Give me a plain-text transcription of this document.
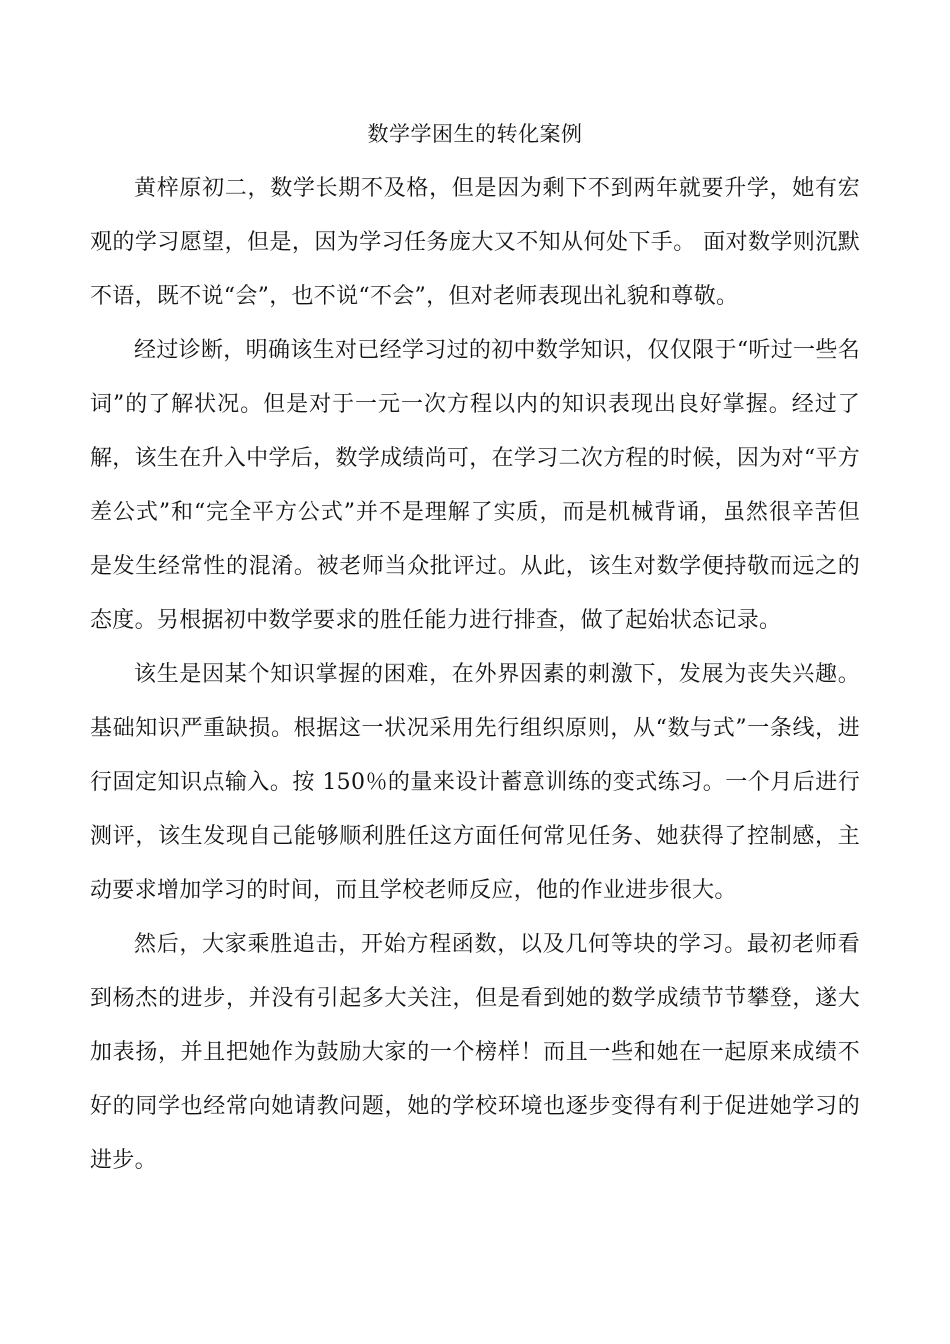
数学学困生的转化案例

黄梓原初二，数学长期不及格，但是因为剩下不到两年就要升学，她有宏观的学习愿望，但是，因为学习任务庞大又不知从何处下手。 面对数学则沉默不语，既不说“会”，也不说“不会”，但对老师表现出礼貌和尊敬。

经过诊断，明确该生对已经学习过的初中数学知识，仅仅限于“听过一些名词”的了解状况。但是对于一元一次方程以内的知识表现出良好掌握。经过了解，该生在升入中学后，数学成绩尚可，在学习二次方程的时候，因为对“平方差公式”和“完全平方公式”并不是理解了实质，而是机械背诵，虽然很辛苦但是发生经常性的混淆。被老师当众批评过。从此，该生对数学便持敬而远之的态度。另根据初中数学要求的胜任能力进行排查，做了起始状态记录。

该生是因某个知识掌握的困难，在外界因素的刺激下，发展为丧失兴趣。基础知识严重缺损。根据这一状况采用先行组织原则，从“数与式”一条线，进行固定知识点输入。按 150％的量来设计蓄意训练的变式练习。一个月后进行测评，该生发现自己能够顺利胜任这方面任何常见任务、她获得了控制感，主动要求增加学习的时间，而且学校老师反应，他的作业进步很大。

然后，大家乘胜追击，开始方程函数，以及几何等块的学习。最初老师看到杨杰的进步，并没有引起多大关注，但是看到她的数学成绩节节攀登，遂大加表扬，并且把她作为鼓励大家的一个榜样！而且一些和她在一起原来成绩不好的同学也经常向她请教问题，她的学校环境也逐步变得有利于促进她学习的进步。
